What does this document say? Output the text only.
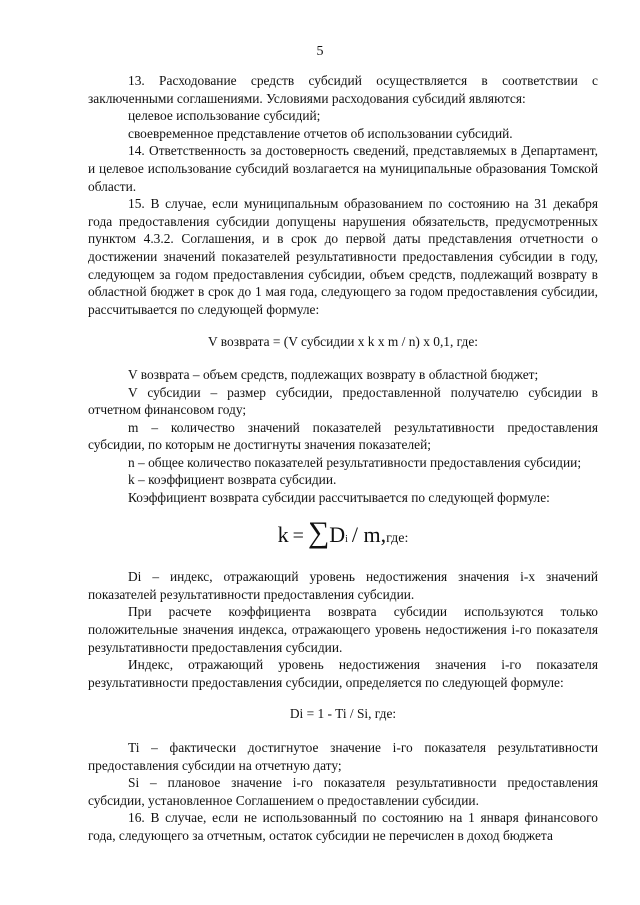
5

13. Расходование средств субсидий осуществляется в соответствии с заключенными соглашениями. Условиями расходования субсидий являются:

целевое использование субсидий;

своевременное представление отчетов об использовании субсидий.

14. Ответственность за достоверность сведений, представляемых в Департамент, и целевое использование субсидий возлагается на муниципальные образования Томской области.

15. В случае, если муниципальным образованием по состоянию на 31 декабря года предоставления субсидии допущены нарушения обязательств, предусмотренных пунктом 4.3.2. Соглашения, и в срок до первой даты представления отчетности о достижении значений показателей результативности предоставления субсидии в году, следующем за годом предоставления субсидии, объем средств, подлежащий возврату в областной бюджет в срок до 1 мая года, следующего за годом предоставления субсидии, рассчитывается по следующей формуле:

V возврата = (V субсидии x k x m / n) x 0,1, где:

V возврата – объем средств, подлежащих возврату в областной бюджет;

V субсидии – размер субсидии, предоставленной получателю субсидии в отчетном финансовом году;

m – количество значений показателей результативности предоставления субсидии, по которым не достигнуты значения показателей;

n – общее количество показателей результативности предоставления субсидии;

k – коэффициент возврата субсидии.

Коэффициент возврата субсидии рассчитывается по следующей формуле:

k = ∑ D i / m, где:

Di – индекс, отражающий уровень недостижения значения i-х значений показателей результативности предоставления субсидии.

При расчете коэффициента возврата субсидии используются только положительные значения индекса, отражающего уровень недостижения i-го показателя результативности предоставления субсидии.

Индекс, отражающий уровень недостижения значения i-го показателя результативности предоставления субсидии, определяется по следующей формуле:

Di = 1 - Ti / Si, где:

Ti – фактически достигнутое значение i-го показателя результативности предоставления субсидии на отчетную дату;

Si – плановое значение i-го показателя результативности предоставления субсидии, установленное Соглашением о предоставлении субсидии.

16. В случае, если не использованный по состоянию на 1 января финансового года, следующего за отчетным, остаток субсидии не перечислен в доход бюджета
